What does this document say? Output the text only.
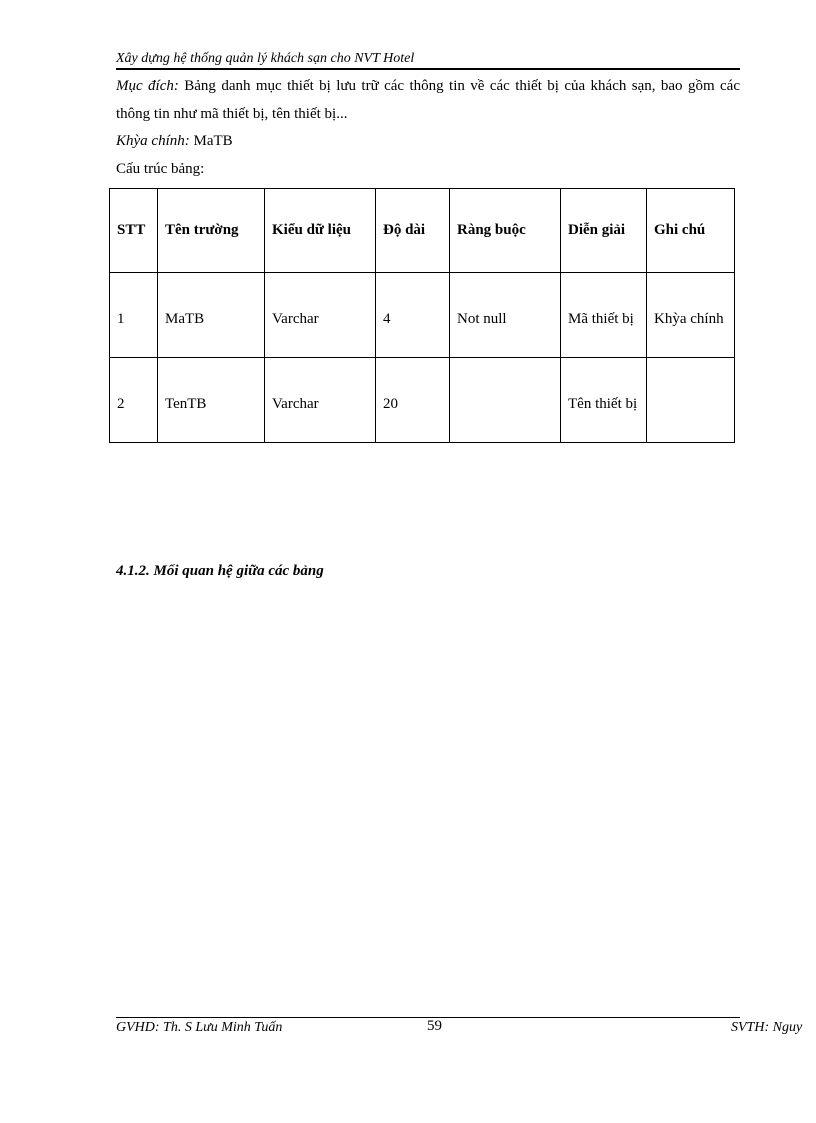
Xây dựng hệ thống quản lý khách sạn cho NVT Hotel
Mục đích: Bảng danh mục thiết bị lưu trữ các thông tin về các thiết bị của khách sạn, bao gồm các thông tin như mã thiết bị, tên thiết bị...
Khỳa chính: MaTB
Cấu trúc bảng:
STT	Tên trường	Kiểu dữ liệu	Độ dài	Ràng buộc	Diễn giải	Ghi chú

1	MaTB	Varchar	4	Not null	Mã thiết bị	Khỳa chính

2	TenTB	Varchar	20		Tên thiết bị	

4.1.2. Mối quan hệ giữa các bảng
GVHD: Th. S Lưu Minh Tuấn	59	SVTH: Nguy
